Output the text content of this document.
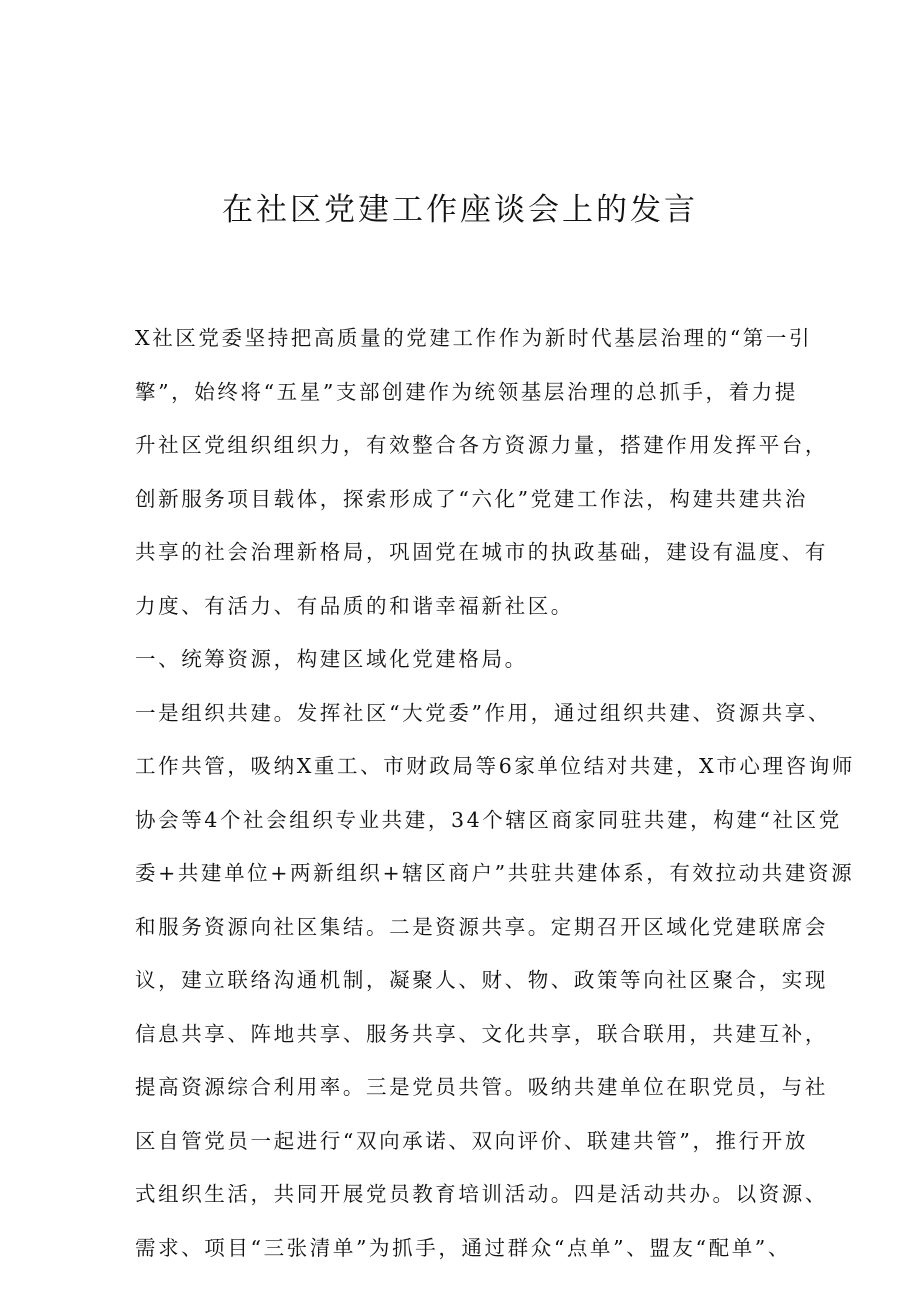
在社区党建工作座谈会上的发言
X社区党委坚持把高质量的党建工作作为新时代基层治理的“第一引
擎”，始终将“五星”支部创建作为统领基层治理的总抓手，着力提
升社区党组织组织力，有效整合各方资源力量，搭建作用发挥平台，
创新服务项目载体，探索形成了“六化”党建工作法，构建共建共治
共享的社会治理新格局，巩固党在城市的执政基础，建设有温度、有
力度、有活力、有品质的和谐幸福新社区。
一、统筹资源，构建区域化党建格局。
一是组织共建。发挥社区“大党委”作用，通过组织共建、资源共享、
工作共管，吸纳X重工、市财政局等6家单位结对共建，X市心理咨询师
协会等4个社会组织专业共建，34个辖区商家同驻共建，构建“社区党
委+共建单位+两新组织+辖区商户”共驻共建体系，有效拉动共建资源
和服务资源向社区集结。二是资源共享。定期召开区域化党建联席会
议，建立联络沟通机制，凝聚人、财、物、政策等向社区聚合，实现
信息共享、阵地共享、服务共享、文化共享，联合联用，共建互补，
提高资源综合利用率。三是党员共管。吸纳共建单位在职党员，与社
区自管党员一起进行“双向承诺、双向评价、联建共管”，推行开放
式组织生活，共同开展党员教育培训活动。四是活动共办。以资源、
需求、项目“三张清单”为抓手，通过群众“点单”、盟友“配单”、
